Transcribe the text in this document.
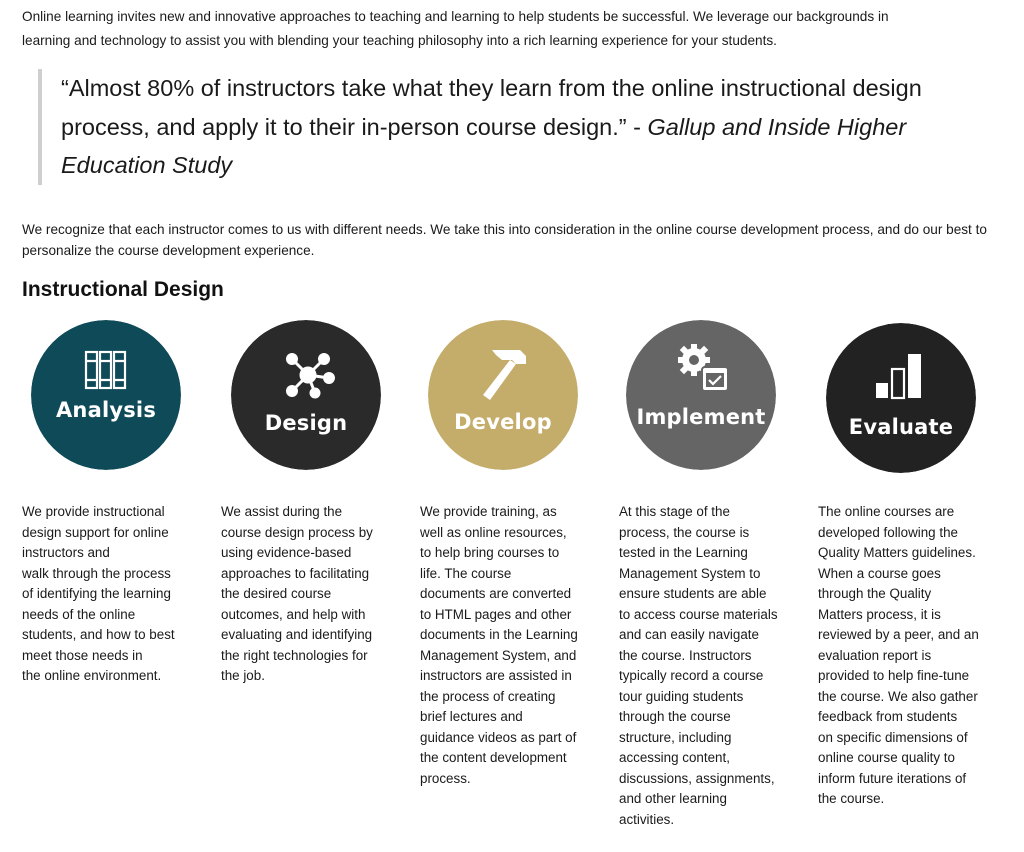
Online learning invites new and innovative approaches to teaching and learning to help students be successful. We leverage our backgrounds in
learning and technology to assist you with blending your teaching philosophy into a rich learning experience for your students.

“Almost 80% of instructors take what they learn from the online instructional design process, and apply it to their in-person course design.” - Gallup and Inside Higher Education Study

We recognize that each instructor comes to us with different needs. We take this into consideration in the online course development process, and do our best to personalize the course development experience.

Instructional Design
Analysis
Design	Develop	Implement	Evaluate

We provide instructional
design support for online
instructors and
walk through the process
of identifying the learning
needs of the online
students, and how to best
meet those needs in
the online environment.

We assist during the
course design process by
using evidence-based
approaches to facilitating
the desired course
outcomes, and help with
evaluating and identifying
the right technologies for
the job.

We provide training, as
well as online resources,
to help bring courses to
life. The course
documents are converted
to HTML pages and other
documents in the Learning
Management System, and
instructors are assisted in
the process of creating
brief lectures and
guidance videos as part of
the content development
process.

At this stage of the
process, the course is
tested in the Learning
Management System to
ensure students are able
to access course materials
and can easily navigate
the course. Instructors
typically record a course
tour guiding students
through the course
structure, including
accessing content,
discussions, assignments,
and other learning
activities.

The online courses are
developed following the
Quality Matters guidelines.
When a course goes
through the Quality
Matters process, it is
reviewed by a peer, and an
evaluation report is
provided to help fine-tune
the course. We also gather
feedback from students
on specific dimensions of
online course quality to
inform future iterations of
the course.
